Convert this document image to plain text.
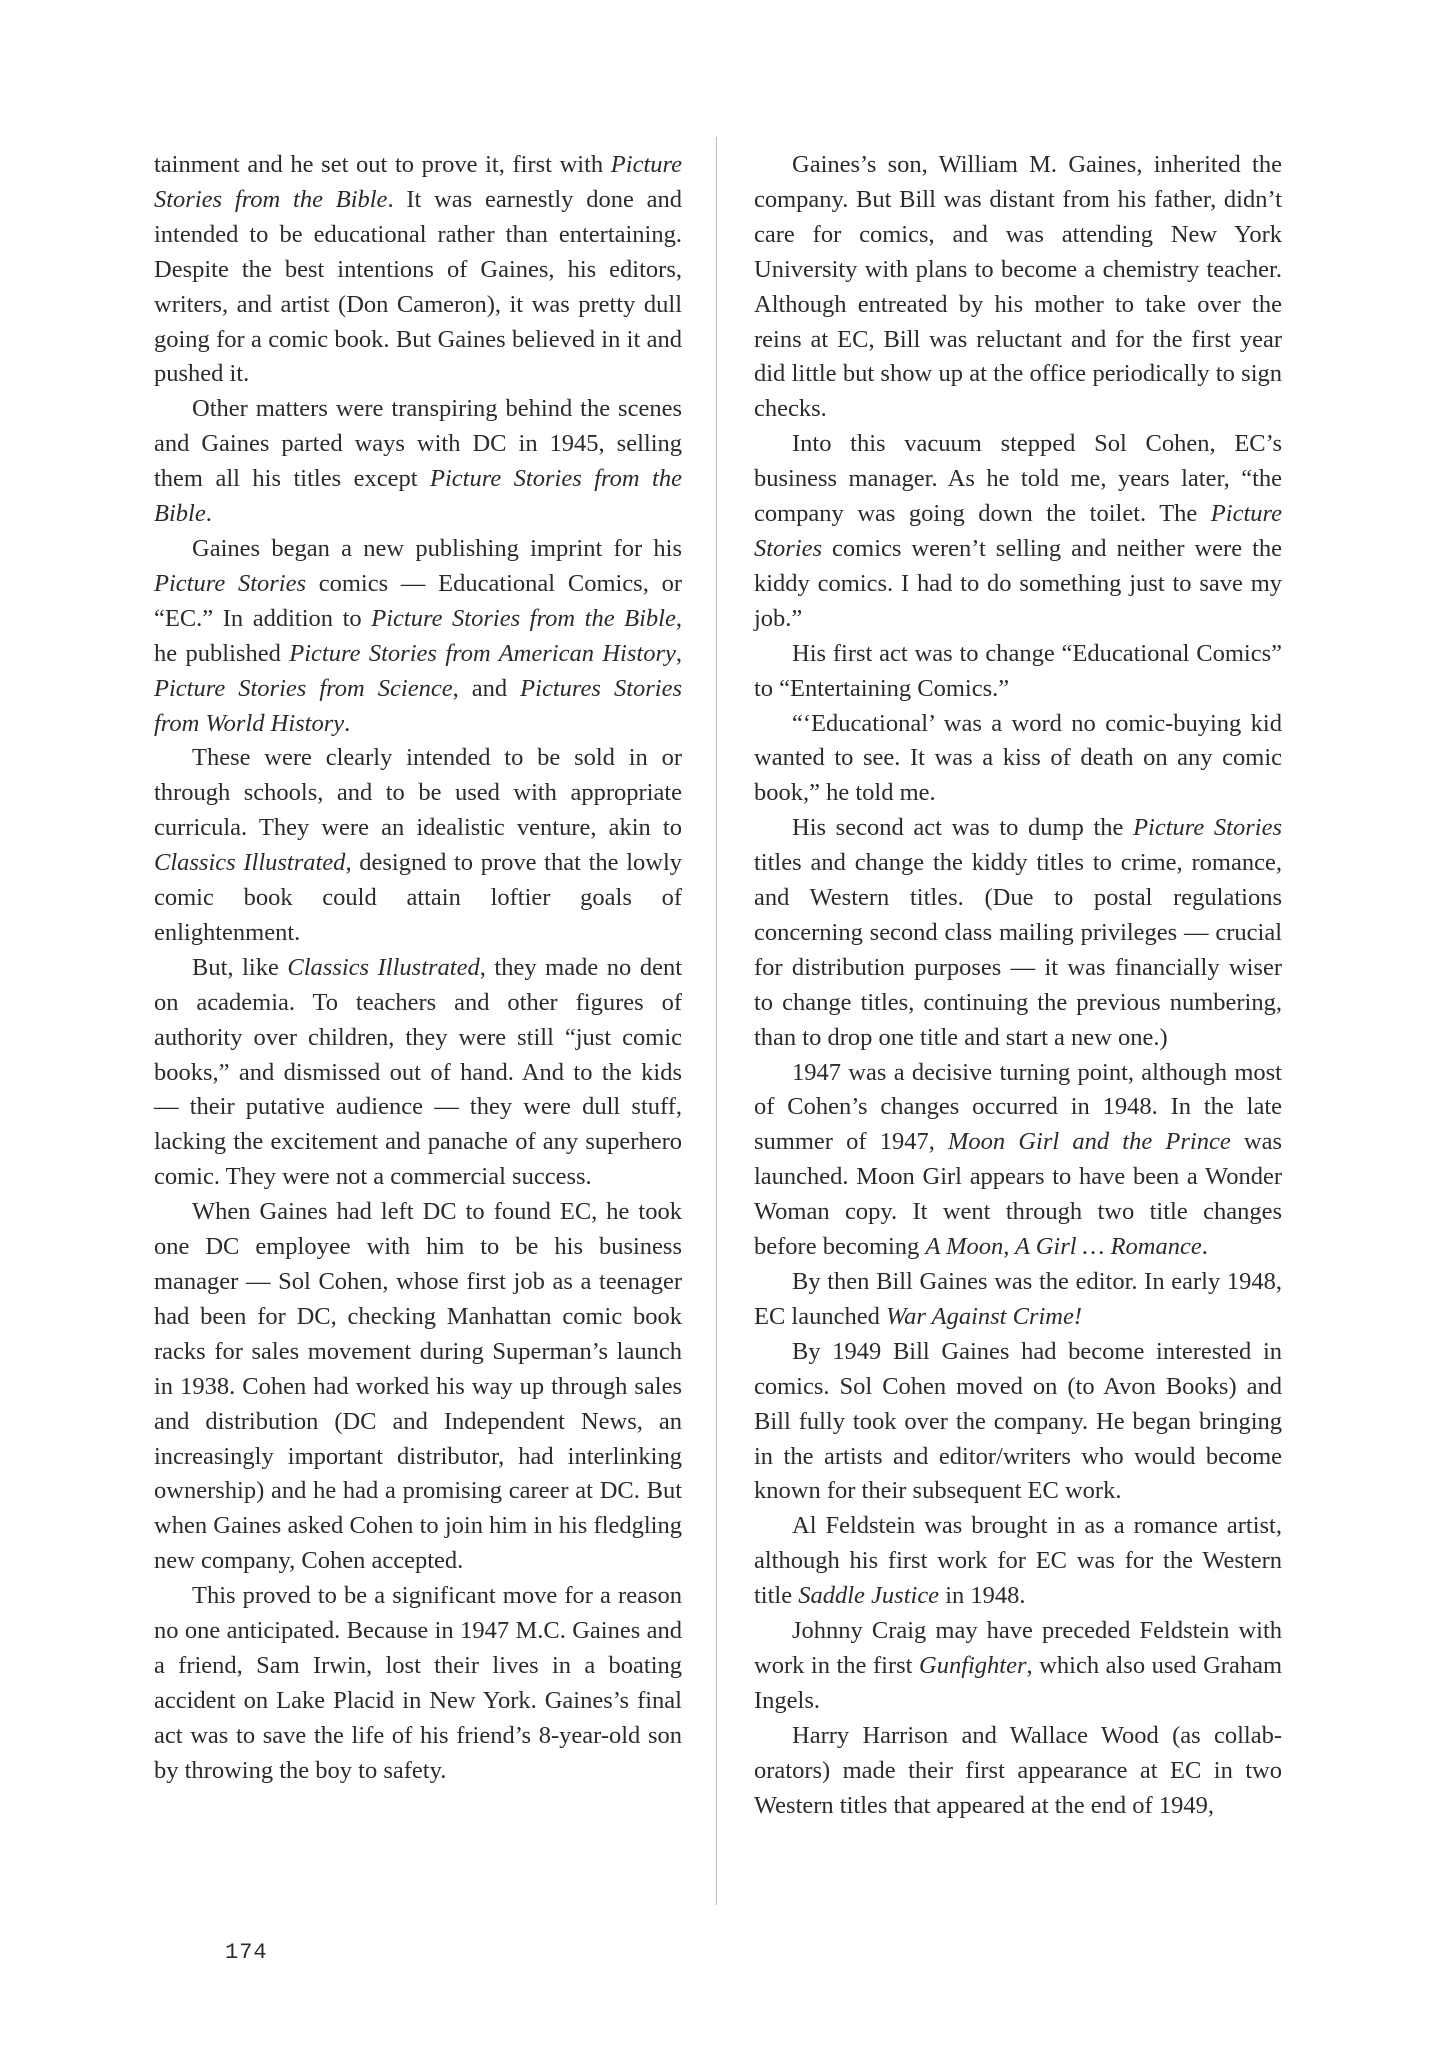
tainment and he set out to prove it, first with Picture Stories from the Bible. It was earnestly done and intended to be educational rather than entertaining. Despite the best intentions of Gaines, his editors, writers, and artist (Don Cameron), it was pretty dull going for a comic book. But Gaines believed in it and pushed it.

Other matters were transpiring behind the scenes and Gaines parted ways with DC in 1945, selling them all his titles except Picture Stories from the Bible.

Gaines began a new publishing imprint for his Picture Stories comics — Educational Comics, or “EC.” In addition to Picture Stories from the Bible, he published Picture Stories from American History, Picture Stories from Science, and Pictures Stories from World History.

These were clearly intended to be sold in or through schools, and to be used with appropriate curricula. They were an idealistic venture, akin to Classics Illustrated, designed to prove that the lowly comic book could attain loftier goals of enlightenment.

But, like Classics Illustrated, they made no dent on academia. To teachers and other figures of authority over children, they were still “just comic books,” and dismissed out of hand. And to the kids — their putative audience — they were dull stuff, lacking the excitement and panache of any superhero comic. They were not a commercial success.

When Gaines had left DC to found EC, he took one DC employee with him to be his business manager — Sol Cohen, whose first job as a teenager had been for DC, checking Manhattan comic book racks for sales movement during Superman’s launch in 1938. Cohen had worked his way up through sales and distribution (DC and Independent News, an increasingly important distributor, had interlinking ownership) and he had a promising career at DC. But when Gaines asked Cohen to join him in his fledgling new company, Cohen accepted.

This proved to be a significant move for a reason no one anticipated. Because in 1947 M.C. Gaines and a friend, Sam Irwin, lost their lives in a boating accident on Lake Placid in New York. Gaines’s final act was to save the life of his friend’s 8-year-old son by throwing the boy to safety.

Gaines’s son, William M. Gaines, inherited the company. But Bill was distant from his father, didn’t care for comics, and was attending New York University with plans to become a chemistry teacher. Although entreated by his mother to take over the reins at EC, Bill was reluctant and for the first year did little but show up at the office periodically to sign checks.

Into this vacuum stepped Sol Cohen, EC’s business manager. As he told me, years later, “the company was going down the toilet. The Picture Stories comics weren’t selling and neither were the kiddy comics. I had to do something just to save my job.”

His first act was to change “Educational Comics” to “Entertaining Comics.”

“‘Educational’ was a word no comic-buying kid wanted to see. It was a kiss of death on any comic book,” he told me.

His second act was to dump the Picture Stories titles and change the kiddy titles to crime, romance, and Western titles. (Due to postal regulations concerning second class mailing privileges — crucial for distribution purposes — it was financially wiser to change titles, continuing the previous numbering, than to drop one title and start a new one.)

1947 was a decisive turning point, although most of Cohen’s changes occurred in 1948. In the late summer of 1947, Moon Girl and the Prince was launched. Moon Girl appears to have been a Wonder Woman copy. It went through two title changes before becoming A Moon, A Girl … Romance.

By then Bill Gaines was the editor. In early 1948, EC launched War Against Crime!

By 1949 Bill Gaines had become interested in comics. Sol Cohen moved on (to Avon Books) and Bill fully took over the company. He began bringing in the artists and editor/writers who would become known for their subsequent EC work.

Al Feldstein was brought in as a romance artist, although his first work for EC was for the Western title Saddle Justice in 1948.

Johnny Craig may have preceded Feldstein with work in the first Gunfighter, which also used Graham Ingels.

Harry Harrison and Wallace Wood (as collaborators) made their first appearance at EC in two Western titles that appeared at the end of 1949,

174
